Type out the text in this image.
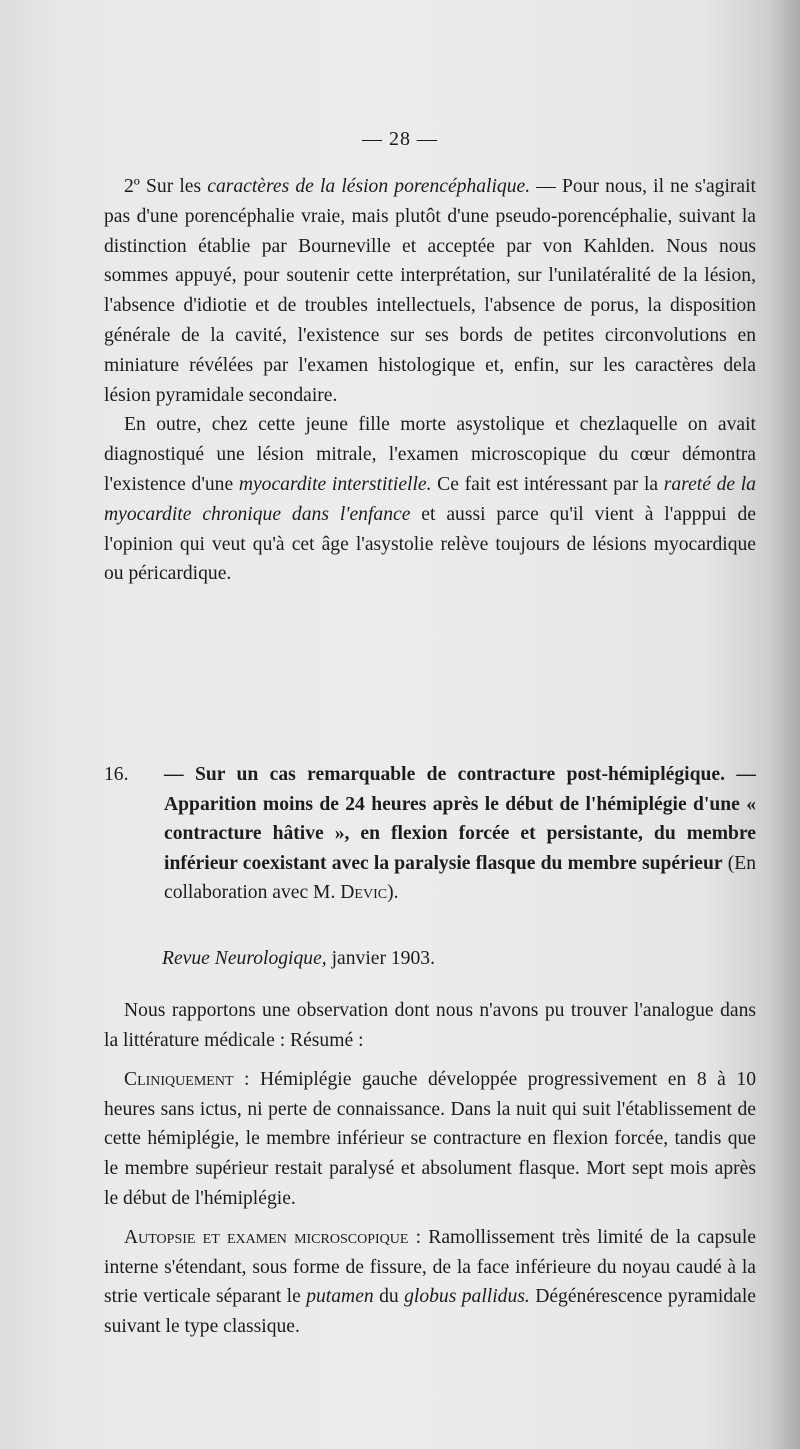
— 28 —

2º Sur les caractères de la lésion porencéphalique. — Pour nous, il ne s'agirait pas d'une porencéphalie vraie, mais plutôt d'une pseudo-porencéphalie, suivant la distinction établie par Bourneville et acceptée par von Kahlden. Nous nous sommes appuyé, pour soutenir cette interprétation, sur l'unilatéralité de la lésion, l'absence d'idiotie et de troubles intellectuels, l'absence de porus, la disposition générale de la cavité, l'existence sur ses bords de petites circonvolutions en miniature révélées par l'examen histologique et, enfin, sur les caractères dela lésion pyramidale secondaire.

En outre, chez cette jeune fille morte asystolique et chezlaquelle on avait diagnostiqué une lésion mitrale, l'examen microscopique du cœur démontra l'existence d'une myocardite interstitielle. Ce fait est intéressant par la rareté de la myocardite chronique dans l'enfance et aussi parce qu'il vient à l'apppui de l'opinion qui veut qu'à cet âge l'asystolie relève toujours de lésions myocardique ou péricardique.

16.	— Sur un cas remarquable de contracture post-hémiplégique. — Apparition moins de 24 heures après le début de l'hémiplégie d'une « contracture hâtive », en flexion forcée et persistante, du membre inférieur coexistant avec la paralysie flasque du membre supérieur (En collaboration avec M. Devic).
Revue Neurologique, janvier 1903.

Nous rapportons une observation dont nous n'avons pu trouver l'analogue dans la littérature médicale : Résumé :

Cliniquement : Hémiplégie gauche développée progressivement en 8 à 10 heures sans ictus, ni perte de connaissance. Dans la nuit qui suit l'établissement de cette hémiplégie, le membre inférieur se contracture en flexion forcée, tandis que le membre supérieur restait paralysé et absolument flasque. Mort sept mois après le début de l'hémiplégie.

Autopsie et examen microscopique : Ramollissement très limité de la capsule interne s'étendant, sous forme de fissure, de la face inférieure du noyau caudé à la strie verticale séparant le putamen du globus pallidus. Dégénérescence pyramidale suivant le type classique.
